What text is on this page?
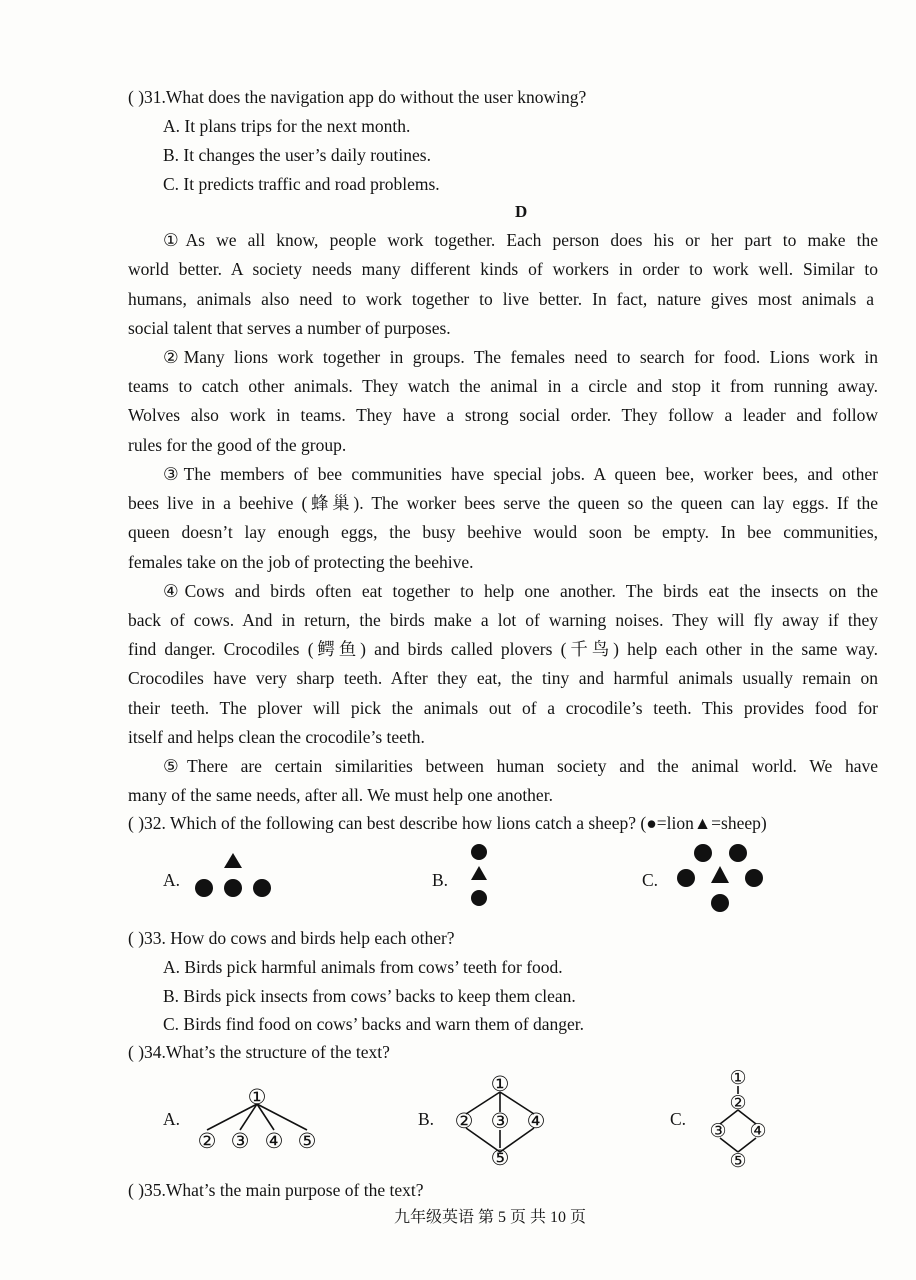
( )31.What does the navigation app do without the user knowing?
A. It plans trips for the next month.
B. It changes the user’s daily routines.
C. It predicts traffic and road problems.
D
①As we all know, people work together. Each person does his or her part to make the
world better. A society needs many different kinds of workers in order to work well. Similar to
humans, animals also need to work together to live better. In fact, nature gives most animals a
social talent that serves a number of purposes.
②Many lions work together in groups. The females need to search for food. Lions work in
teams to catch other animals. They watch the animal in a circle and stop it from running away.
Wolves also work in teams. They have a strong social order. They follow a leader and follow
rules for the good of the group.
③The members of bee communities have special jobs. A queen bee, worker bees, and other
bees live in a beehive (蜂巢). The worker bees serve the queen so the queen can lay eggs. If the
queen doesn’t lay enough eggs, the busy beehive would soon be empty. In bee communities,
females take on the job of protecting the beehive.
④Cows and birds often eat together to help one another. The birds eat the insects on the
back of cows. And in return, the birds make a lot of warning noises. They will fly away if they
find danger. Crocodiles (鳄鱼) and birds called plovers (千鸟) help each other in the same way.
Crocodiles have very sharp teeth. After they eat, the tiny and harmful animals usually remain on
their teeth. The plover will pick the animals out of a crocodile’s teeth. This provides food for
itself and helps clean the crocodile’s teeth.
⑤There are certain similarities between human society and the animal world. We have
many of the same needs, after all. We must help one another.
( )32. Which of the following can best describe how lions catch a sheep? (●=lion▲=sheep)
A.	B.	C.
( )33. How do cows and birds help each other?
A. Birds pick harmful animals from cows’ teeth for food.
B. Birds pick insects from cows’ backs to keep them clean.
C. Birds find food on cows’ backs and warn them of danger.
( )34.What’s the structure of the text?
A.
①
② ③ ④ ⑤
B.
①
② ③ ④
⑤
C.
①
②
③ ④
⑤
( )35.What’s the main purpose of the text?
九年级英语 第 5 页 共 10 页
